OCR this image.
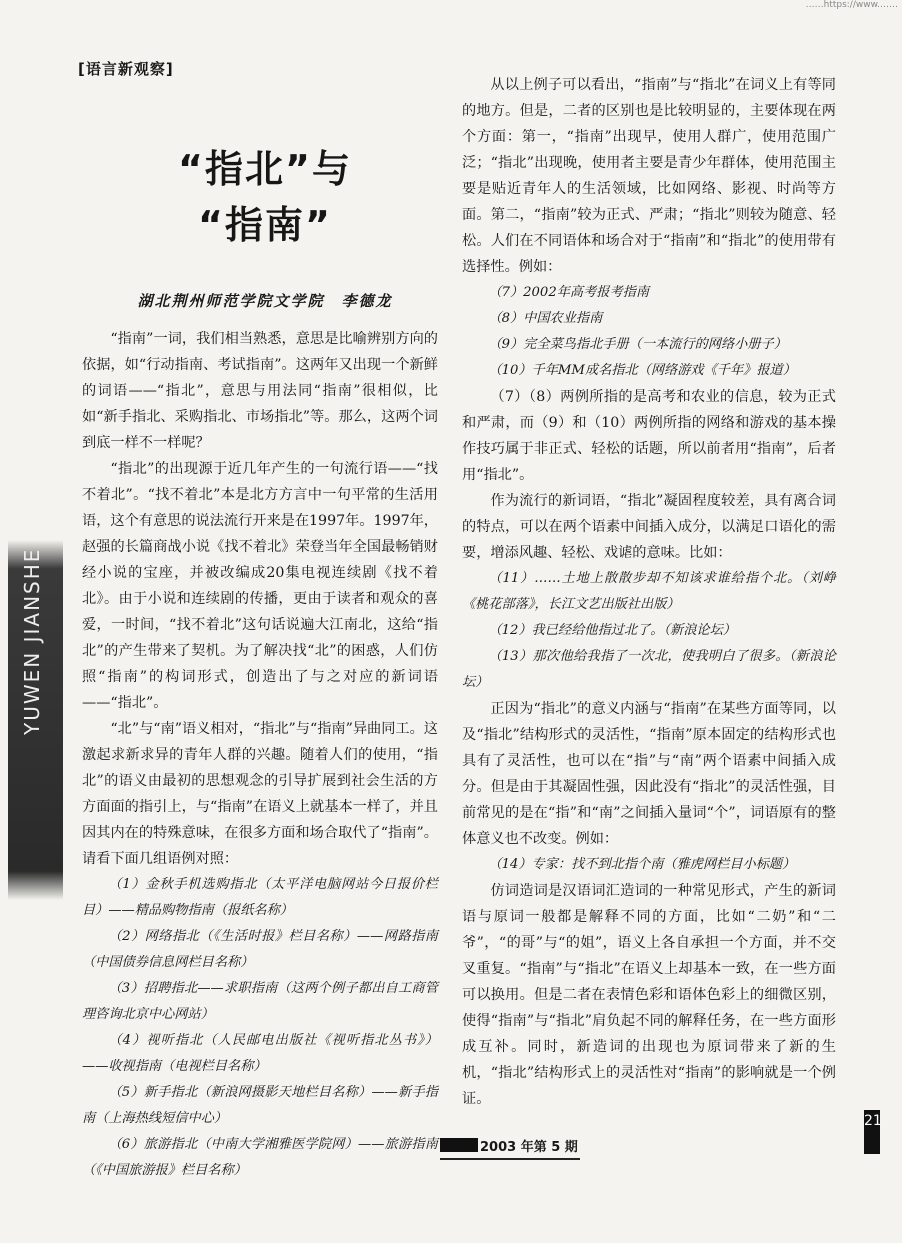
……https://www.……
[语言新观察]
“指北”与
“指南”
湖北荆州师范学院文学院　李德龙
YUWEN JIANSHE

“指南”一词，我们相当熟悉，意思是比喻辨别方向的依据，如“行动指南、考试指南”。这两年又出现一个新鲜的词语——“指北”，意思与用法同“指南”很相似，比如“新手指北、采购指北、市场指北”等。那么，这两个词到底一样不一样呢？

“指北”的出现源于近几年产生的一句流行语——“找不着北”。“找不着北”本是北方方言中一句平常的生活用语，这个有意思的说法流行开来是在1997年。1997年，赵强的长篇商战小说《找不着北》荣登当年全国最畅销财经小说的宝座，并被改编成20集电视连续剧《找不着北》。由于小说和连续剧的传播，更由于读者和观众的喜爱，一时间，“找不着北”这句话说遍大江南北，这给“指北”的产生带来了契机。为了解决找“北”的困惑，人们仿照“指南”的构词形式，创造出了与之对应的新词语——“指北”。

“北”与“南”语义相对，“指北”与“指南”异曲同工。这激起求新求异的青年人群的兴趣。随着人们的使用，“指北”的语义由最初的思想观念的引导扩展到社会生活的方方面面的指引上，与“指南”在语义上就基本一样了，并且因其内在的特殊意味，在很多方面和场合取代了“指南”。请看下面几组语例对照：

（1）金秋手机选购指北（太平洋电脑网站今日报价栏目）——精品购物指南（报纸名称）

（2）网络指北（《生活时报》栏目名称）——网路指南（中国债券信息网栏目名称）

（3）招聘指北——求职指南（这两个例子都出自工商管理咨询北京中心网站）

（4）视听指北（人民邮电出版社《视听指北丛书》）——收视指南（电视栏目名称）

（5）新手指北（新浪网摄影天地栏目名称）——新手指南（上海热线短信中心）

（6）旅游指北（中南大学湘雅医学院网）——旅游指南（《中国旅游报》栏目名称）

从以上例子可以看出，“指南”与“指北”在词义上有等同的地方。但是，二者的区别也是比较明显的，主要体现在两个方面：第一，“指南”出现早，使用人群广，使用范围广泛；“指北”出现晚，使用者主要是青少年群体，使用范围主要是贴近青年人的生活领域，比如网络、影视、时尚等方面。第二，“指南”较为正式、严肃；“指北”则较为随意、轻松。人们在不同语体和场合对于“指南”和“指北”的使用带有选择性。例如：

（7）2002年高考报考指南

（8）中国农业指南

（9）完全菜鸟指北手册（一本流行的网络小册子）

（10）千年MM成名指北（网络游戏《千年》报道）

（7）（8）两例所指的是高考和农业的信息，较为正式和严肃，而（9）和（10）两例所指的网络和游戏的基本操作技巧属于非正式、轻松的话题，所以前者用“指南”，后者用“指北”。

作为流行的新词语，“指北”凝固程度较差，具有离合词的特点，可以在两个语素中间插入成分，以满足口语化的需要，增添风趣、轻松、戏谑的意味。比如：

（11）……土地上散散步却不知该求谁给指个北。（刘峥《桃花部落》，长江文艺出版社出版）

（12）我已经给他指过北了。（新浪论坛）

（13）那次他给我指了一次北，使我明白了很多。（新浪论坛）

正因为“指北”的意义内涵与“指南”在某些方面等同，以及“指北”结构形式的灵活性，“指南”原本固定的结构形式也具有了灵活性，也可以在“指”与“南”两个语素中间插入成分。但是由于其凝固性强，因此没有“指北”的灵活性强，目前常见的是在“指”和“南”之间插入量词“个”，词语原有的整体意义也不改变。例如：

（14）专家：找不到北指个南（雅虎网栏目小标题）

仿词造词是汉语词汇造词的一种常见形式，产生的新词语与原词一般都是解释不同的方面，比如“二奶”和“二爷”，“的哥”与“的姐”，语义上各自承担一个方面，并不交叉重复。“指南”与“指北”在语义上却基本一致，在一些方面可以换用。但是二者在表情色彩和语体色彩上的细微区别，使得“指南”与“指北”肩负起不同的解释任务，在一些方面形成互补。同时，新造词的出现也为原词带来了新的生机，“指北”结构形式上的灵活性对“指南”的影响就是一个例证。

2003 年第 5 期
21
